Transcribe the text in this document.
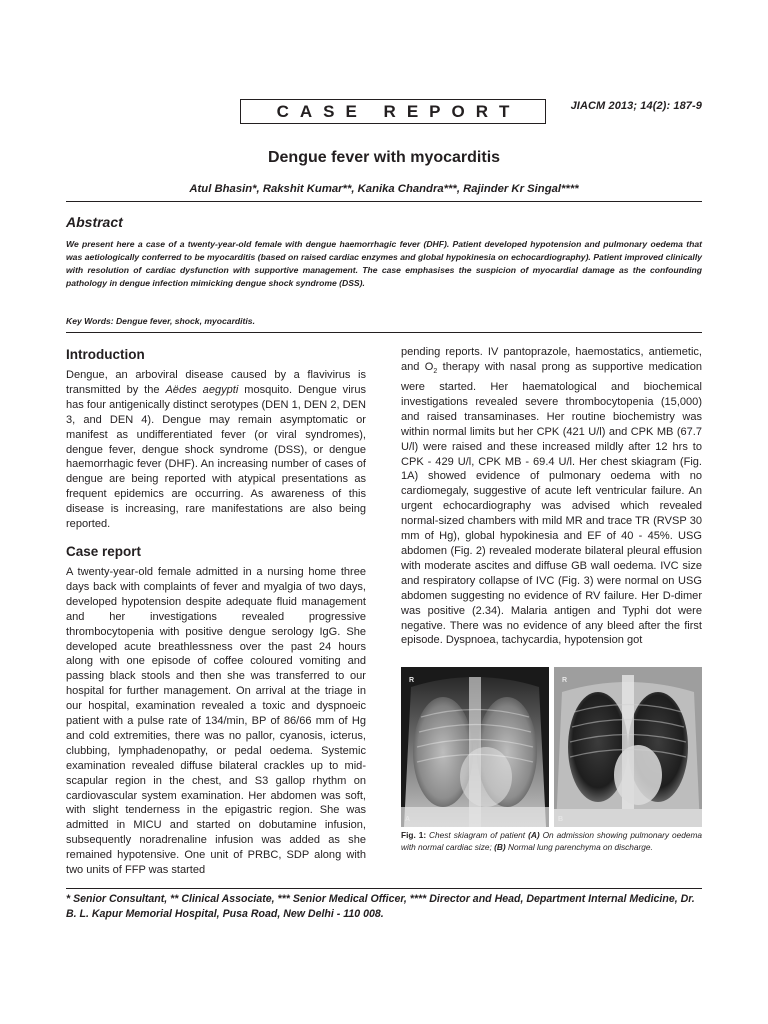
CASE REPORT	JIACM 2013; 14(2): 187-9
Dengue fever with myocarditis
Atul Bhasin*, Rakshit Kumar**, Kanika Chandra***, Rajinder Kr Singal****
Abstract
We present here a case of a twenty-year-old female with dengue haemorrhagic fever (DHF). Patient developed hypotension and pulmonary oedema that was aetiologically conferred to be myocarditis (based on raised cardiac enzymes and global hypokinesia on echocardiography). Patient improved clinically with resolution of cardiac dysfunction with supportive management. The case emphasises the suspicion of myocardial damage as the confounding pathology in dengue infection mimicking dengue shock syndrome (DSS).
Key Words: Dengue fever, shock, myocarditis.
Introduction

Dengue, an arboviral disease caused by a flavivirus is transmitted by the Aëdes aegypti mosquito. Dengue virus has four antigenically distinct serotypes (DEN 1, DEN 2, DEN 3, and DEN 4). Dengue may remain asymptomatic or manifest as undifferentiated fever (or viral syndromes), dengue fever, dengue shock syndrome (DSS), or dengue haemorrhagic fever (DHF). An increasing number of cases of dengue are being reported with atypical presentations as frequent epidemics are occurring. As awareness of this disease is increasing, rare manifestations are also being reported.

Case report

A twenty-year-old female admitted in a nursing home three days back with complaints of fever and myalgia of two days, developed hypotension despite adequate fluid management and her investigations revealed progressive thrombocytopenia with positive dengue serology IgG. She developed acute breathlessness over the past 24 hours along with one episode of coffee coloured vomiting and passing black stools and then she was transferred to our hospital for further management. On arrival at the triage in our hospital, examination revealed a toxic and dyspnoeic patient with a pulse rate of 134/min, BP of 86/66 mm of Hg and cold extremities, there was no pallor, cyanosis, icterus, clubbing, lymphadenopathy, or pedal oedema. Systemic examination revealed diffuse bilateral crackles up to mid-scapular region in the chest, and S3 gallop rhythm on cardiovascular system examination. Her abdomen was soft, with slight tenderness in the epigastric region. She was admitted in MICU and started on dobutamine infusion, subsequently noradrenaline infusion was added as she remained hypotensive. One unit of PRBC, SDP along with two units of FFP was started

pending reports. IV pantoprazole, haemostatics, antiemetic, and $O_2$ therapy with nasal prong as supportive medication were started. Her haematological and biochemical investigations revealed severe thrombocytopenia (15,000) and raised transaminases. Her routine biochemistry was within normal limits but her CPK (421 U/l) and CPK MB (67.7 U/l) were raised and these increased mildly after 12 hrs to CPK - 429 U/l, CPK MB - 69.4 U/l. Her chest skiagram (Fig. 1A) showed evidence of pulmonary oedema with no cardiomegaly, suggestive of acute left ventricular failure. An urgent echocardiography was advised which revealed normal-sized chambers with mild MR and trace TR (RVSP 30 mm of Hg), global hypokinesia and EF of 40 - 45%. USG abdomen (Fig. 2) revealed moderate bilateral pleural effusion with moderate ascites and diffuse GB wall oedema. IVC size and respiratory collapse of IVC (Fig. 3) were normal on USG abdomen suggesting no evidence of RV failure. Her D-dimer was positive (2.34). Malaria antigen and Typhi dot were negative. There was no evidence of any bleed after the first episode. Dyspnoea, tachycardia, hypotension got

R
A
R
B
Fig. 1: Chest skiagram of patient (A) On admission showing pulmonary oedema with normal cardiac size; (B) Normal lung parenchyma on discharge.
* Senior Consultant, ** Clinical Associate, *** Senior Medical Officer, **** Director and Head, Department Internal Medicine, Dr. B. L. Kapur Memorial Hospital, Pusa Road, New Delhi - 110 008.
